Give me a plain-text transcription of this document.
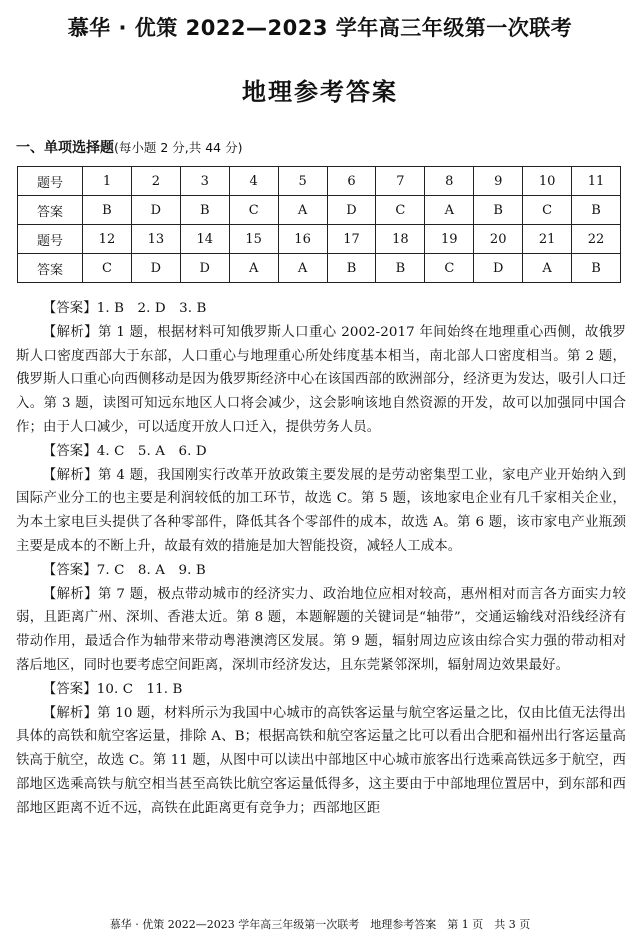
慕华 · 优策 2022—2023 学年高三年级第一次联考
地理参考答案
一、单项选择题(每小题 2 分,共 44 分)
题号	1	2	3	4	5	6	7	8	9	10	11
答案	B	D	B	C	A	D	C	A	B	C	B
题号	12	13	14	15	16	17	18	19	20	21	22
答案	C	D	D	A	A	B	B	C	D	A	B

【答案】1. B　2. D　3. B

【解析】第 1 题，根据材料可知俄罗斯人口重心 2002-2017 年间始终在地理重心西侧，故俄罗斯人口密度西部大于东部，人口重心与地理重心所处纬度基本相当，南北部人口密度相当。第 2 题，俄罗斯人口重心向西侧移动是因为俄罗斯经济中心在该国西部的欧洲部分，经济更为发达，吸引人口迁入。第 3 题，读图可知远东地区人口将会减少，这会影响该地自然资源的开发，故可以加强同中国合作；由于人口减少，可以适度开放人口迁入，提供劳务人员。

【答案】4. C　5. A　6. D

【解析】第 4 题，我国刚实行改革开放政策主要发展的是劳动密集型工业，家电产业开始纳入到国际产业分工的也主要是利润较低的加工环节，故选 C。第 5 题，该地家电企业有几千家相关企业，为本土家电巨头提供了各种零部件，降低其各个零部件的成本，故选 A。第 6 题，该市家电产业瓶颈主要是成本的不断上升，故最有效的措施是加大智能投资，减轻人工成本。

【答案】7. C　8. A　9. B

【解析】第 7 题，极点带动城市的经济实力、政治地位应相对较高，惠州相对而言各方面实力较弱，且距离广州、深圳、香港太近。第 8 题，本题解题的关键词是“轴带”，交通运输线对沿线经济有带动作用，最适合作为轴带来带动粤港澳湾区发展。第 9 题，辐射周边应该由综合实力强的带动相对落后地区，同时也要考虑空间距离，深圳市经济发达，且东莞紧邻深圳，辐射周边效果最好。

【答案】10. C　11. B

【解析】第 10 题，材料所示为我国中心城市的高铁客运量与航空客运量之比，仅由比值无法得出具体的高铁和航空客运量，排除 A、B；根据高铁和航空客运量之比可以看出合肥和福州出行客运量高铁高于航空，故选 C。第 11 题，从图中可以读出中部地区中心城市旅客出行选乘高铁远多于航空，西部地区选乘高铁与航空相当甚至高铁比航空客运量低得多，这主要由于中部地理位置居中，到东部和西部地区距离不近不远，高铁在此距离更有竞争力；西部地区距

慕华 · 优策 2022—2023 学年高三年级第一次联考　地理参考答案　第 1 页　共 3 页
